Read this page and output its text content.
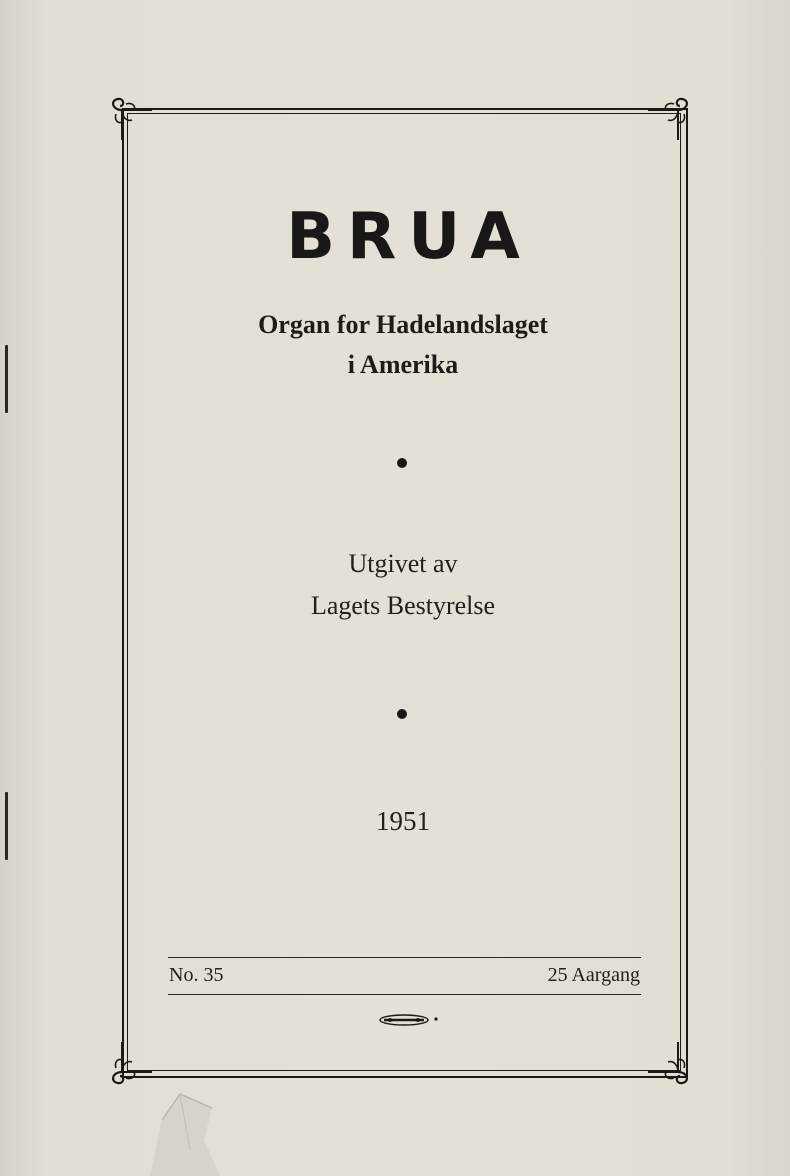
BRUA
Organ for Hadelandslaget
i Amerika
Utgivet av
Lagets Bestyrelse
1951
No. 35	25 Aargang
